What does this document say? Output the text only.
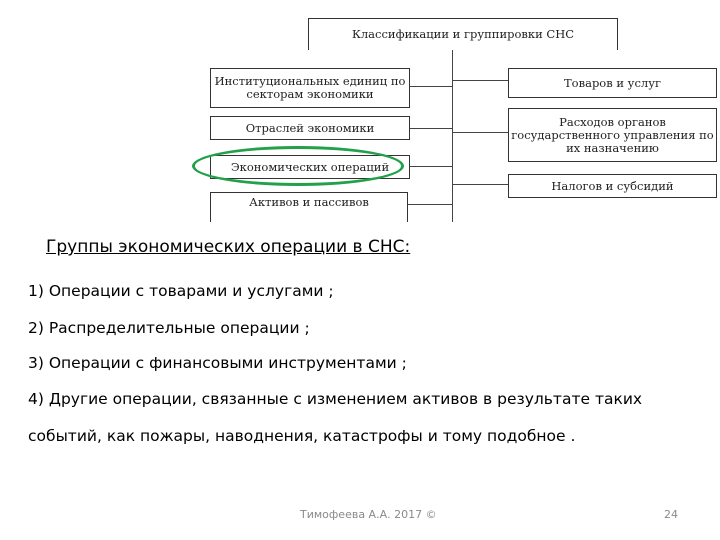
Классификации и группировки СНС
Институциональных единиц по секторам экономики
Отраслей экономики
Экономических операций
Активов и пассивов
Товаров и услуг
Расходов органов государственного управления по их назначению
Налогов и субсидий
Группы экономических операции в СНС:
1) Операции с товарами и услугами ;
2) Распределительные операции ;
3) Операции с финансовыми инструментами ;
4) Другие операции, связанные с изменением активов в результате таких
событий, как пожары, наводнения, катастрофы и тому подобное .
Тимофеева А.А. 2017 ©	24
